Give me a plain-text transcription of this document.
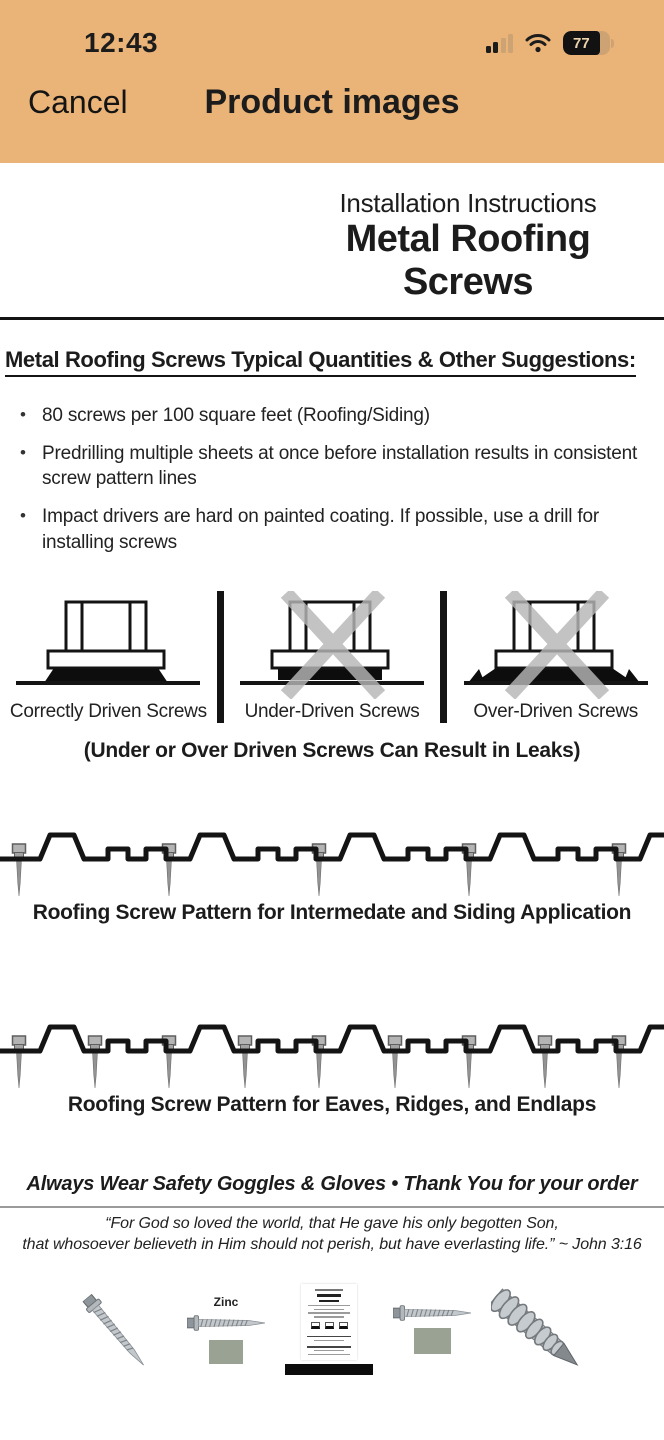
12:43	77
Cancel	Product images
Installation Instructions
Metal Roofing
Screws
Metal Roofing Screws Typical Quantities & Other Suggestions:
• 80 screws per 100 square feet (Roofing/Siding)
• Predrilling multiple sheets at once before installation results in consistent screw pattern lines
• Impact drivers are hard on painted coating. If possible, use a drill for installing screws
Correctly Driven Screws Under-Driven Screws	Over-Driven Screws
(Under or Over Driven Screws Can Result in Leaks)
Roofing Screw Pattern for Intermedate and Siding Application
Roofing Screw Pattern for Eaves, Ridges, and Endlaps
Always Wear Safety Goggles & Gloves • Thank You for your order
“For God so loved the world, that He gave his only begotten Son,
that whosoever believeth in Him should not perish, but have everlasting life.” ~ John 3:16
Zinc
